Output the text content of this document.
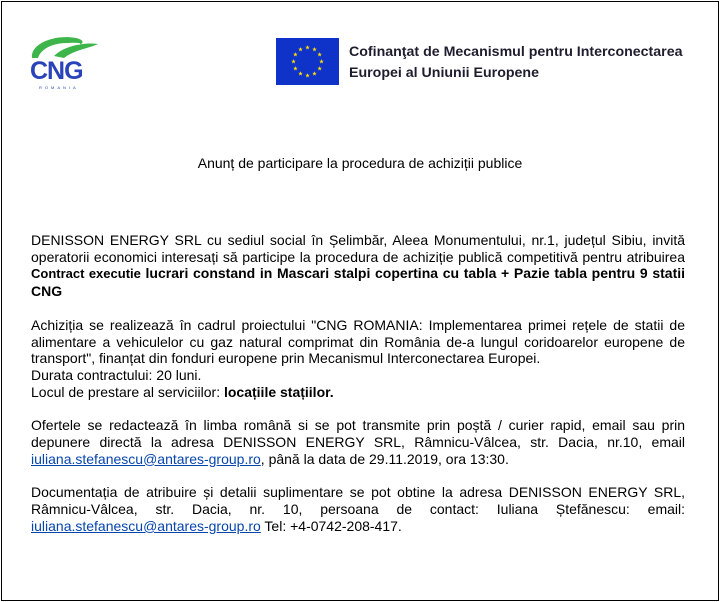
CNG
ROMANIA
Cofinanţat de Mecanismul pentru Interconectarea
Europei al Uniunii Europene
Anunț de participare la procedura de achiziții publice

DENISSON ENERGY SRL cu sediul social în Șelimbăr, Aleea Monumentului, nr.1, județul Sibiu, invită operatorii economici interesați să participe la procedura de achiziție publică competitivă pentru atribuirea Contract executie lucrari constand in Mascari stalpi copertina cu tabla + Pazie tabla pentru 9 statii CNG

Achiziția se realizează în cadrul proiectului "CNG ROMANIA: Implementarea primei rețele de statii de alimentare a vehiculelor cu gaz natural comprimat din România de-a lungul coridoarelor europene de transport", finanțat din fonduri europene prin Mecanismul Interconectarea Europei.

Durata contractului: 20 luni.

Locul de prestare al serviciilor: locațiile stațiilor.

Ofertele se redactează în limba română si se pot transmite prin poștă / curier rapid, email sau prin depunere directă la adresa DENISSON ENERGY SRL, Râmnicu-Vâlcea, str. Dacia, nr.10, email iuliana.stefanescu@antares-group.ro, până la data de 29.11.2019, ora 13:30.

Documentația de atribuire și detalii suplimentare se pot obtine la adresa DENISSON ENERGY SRL, Râmnicu-Vâlcea, str. Dacia, nr. 10, persoana de contact: Iuliana Ștefănescu: email: iuliana.stefanescu@antares-group.ro Tel: +4-0742-208-417.
